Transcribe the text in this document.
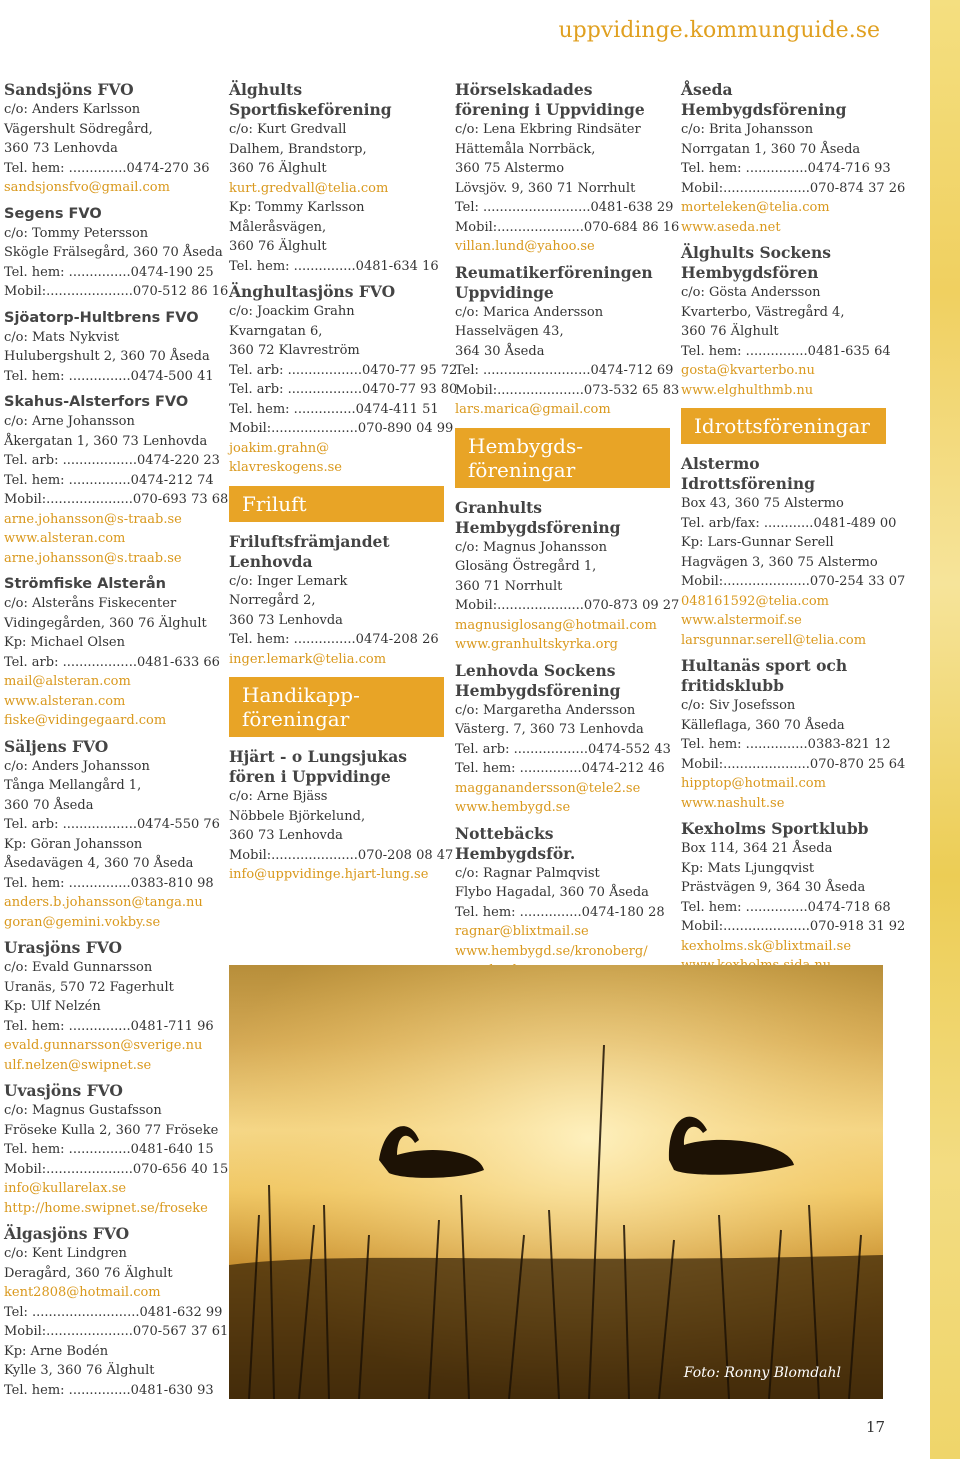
uppvidinge.kommunguide.se
Sandsjöns FVO
c/o: Anders Karlsson
Vägershult Södregård,
360 73 Lenhovda
Tel. hem: ..............0474-270 36
sandsjonsfvo@gmail.com
Segens FVO
c/o: Tommy Petersson
Skögle Frälsegård, 360 70 Åseda
Tel. hem: ...............0474-190 25
Mobil:.....................070-512 86 16
Sjöatorp-Hultbrens FVO
c/o: Mats Nykvist
Hulubergshult 2, 360 70 Åseda
Tel. hem: ...............0474-500 41
Skahus-Alsterfors FVO
c/o: Arne Johansson
Åkergatan 1, 360 73 Lenhovda
Tel. arb: ..................0474-220 23
Tel. hem: ...............0474-212 74
Mobil:.....................070-693 73 68
arne.johansson@s-traab.se
www.alsteran.com
arne.johansson@s.traab.se
Strömfiske Alsterån
c/o: Alsteråns Fiskecenter
Vidingegården, 360 76 Älghult
Kp: Michael Olsen
Tel. arb: ..................0481-633 66
mail@alsteran.com
www.alsteran.com
fiske@vidingegaard.com
Säljens FVO
c/o: Anders Johansson
Tånga Mellangård 1,
360 70 Åseda
Tel. arb: ..................0474-550 76
Kp: Göran Johansson
Åsedavägen 4, 360 70 Åseda
Tel. hem: ...............0383-810 98
anders.b.johansson@tanga.nu
goran@gemini.vokby.se
Urasjöns FVO
c/o: Evald Gunnarsson
Uranäs, 570 72 Fagerhult
Kp: Ulf Nelzén
Tel. hem: ...............0481-711 96
evald.gunnarsson@sverige.nu
ulf.nelzen@swipnet.se
Uvasjöns FVO
c/o: Magnus Gustafsson
Fröseke Kulla 2, 360 77 Fröseke
Tel. hem: ...............0481-640 15
Mobil:.....................070-656 40 15
info@kullarelax.se
http://home.swipnet.se/froseke
Älgasjöns FVO
c/o: Kent Lindgren
Deragård, 360 76 Älghult
kent2808@hotmail.com
Tel: ..........................0481-632 99
Mobil:.....................070-567 37 61
Kp: Arne Bodén
Kylle 3, 360 76 Älghult
Tel. hem: ...............0481-630 93
Älghults Sportfiskeförening
c/o: Kurt Gredvall
Dalhem, Brandstorp,
360 76 Älghult
kurt.gredvall@telia.com
Kp: Tommy Karlsson
Måleråsvägen,
360 76 Älghult
Tel. hem: ...............0481-634 16
Änghultasjöns FVO
c/o: Joackim Grahn
Kvarngatan 6,
360 72 Klavreström
Tel. arb: ..................0470-77 95 72
Tel. arb: ..................0470-77 93 80
Tel. hem: ...............0474-411 51
Mobil:.....................070-890 04 99
joakim.grahn@
klavreskogens.se
Friluft
Friluftsfrämjandet Lenhovda
c/o: Inger Lemark
Norregård 2,
360 73 Lenhovda
Tel. hem: ...............0474-208 26
inger.lemark@telia.com
Handikapp-
föreningar
Hjärt - o Lungsjukas fören i Uppvidinge
c/o: Arne Bjäss
Nöbbele Björkelund,
360 73 Lenhovda
Mobil:.....................070-208 08 47
info@uppvidinge.hjart-lung.se
Hörselskadades förening i Uppvidinge
c/o: Lena Ekbring Rindsäter
Hättemåla Norrbäck,
360 75 Alstermo
Lövsjöv. 9, 360 71 Norrhult
Tel: ..........................0481-638 29
Mobil:.....................070-684 86 16
villan.lund@yahoo.se
Reumatikerföreningen Uppvidinge
c/o: Marica Andersson
Hasselvägen 43,
364 30 Åseda
Tel: ..........................0474-712 69
Mobil:.....................073-532 65 83
lars.marica@gmail.com
Hembygds-
föreningar
Granhults Hembygdsförening
c/o: Magnus Johansson
Glosäng Östregård 1,
360 71 Norrhult
Mobil:.....................070-873 09 27
magnusiglosang@hotmail.com
www.granhultskyrka.org
Lenhovda Sockens Hembygdsförening
c/o: Margaretha Andersson
Västerg. 7, 360 73 Lenhovda
Tel. arb: ..................0474-552 43
Tel. hem: ...............0474-212 46
magganandersson@tele2.se
www.hembygd.se
Nottebäcks Hembygdsför.
c/o: Ragnar Palmqvist
Flybo Hagadal, 360 70 Åseda
Tel. hem: ...............0474-180 28
ragnar@blixtmail.se
www.hembygd.se/kronoberg/
Åseda Hembygdsförening
c/o: Brita Johansson
Norrgatan 1, 360 70 Åseda
Tel. hem: ...............0474-716 93
Mobil:.....................070-874 37 26
morteleken@telia.com
www.aseda.net
Älghults Sockens Hembygdsfören
c/o: Gösta Andersson
Kvarterbo, Västregård 4,
360 76 Älghult
Tel. hem: ...............0481-635 64
gosta@kvarterbo.nu
www.elghulthmb.nu
Idrottsföreningar
Alstermo Idrottsförening
Box 43, 360 75 Alstermo
Tel. arb/fax: ............0481-489 00
Kp: Lars-Gunnar Serell
Hagvägen 3, 360 75 Alstermo
Mobil:.....................070-254 33 07
048161592@telia.com
www.alstermoif.se
larsgunnar.serell@telia.com
Hultanäs sport och fritidsklubb
c/o: Siv Josefsson
Källeflaga, 360 70 Åseda
Tel. hem: ...............0383-821 12
Mobil:.....................070-870 25 64
hipptop@hotmail.com
www.nashult.se
Kexholms Sportklubb
Box 114, 364 21 Åseda
Kp: Mats Ljungqvist
Prästvägen 9, 364 30 Åseda
Tel. hem: ...............0474-718 68
Mobil:.....................070-918 31 92
kexholms.sk@blixtmail.se
Foto: Ronny Blomdahl
17
